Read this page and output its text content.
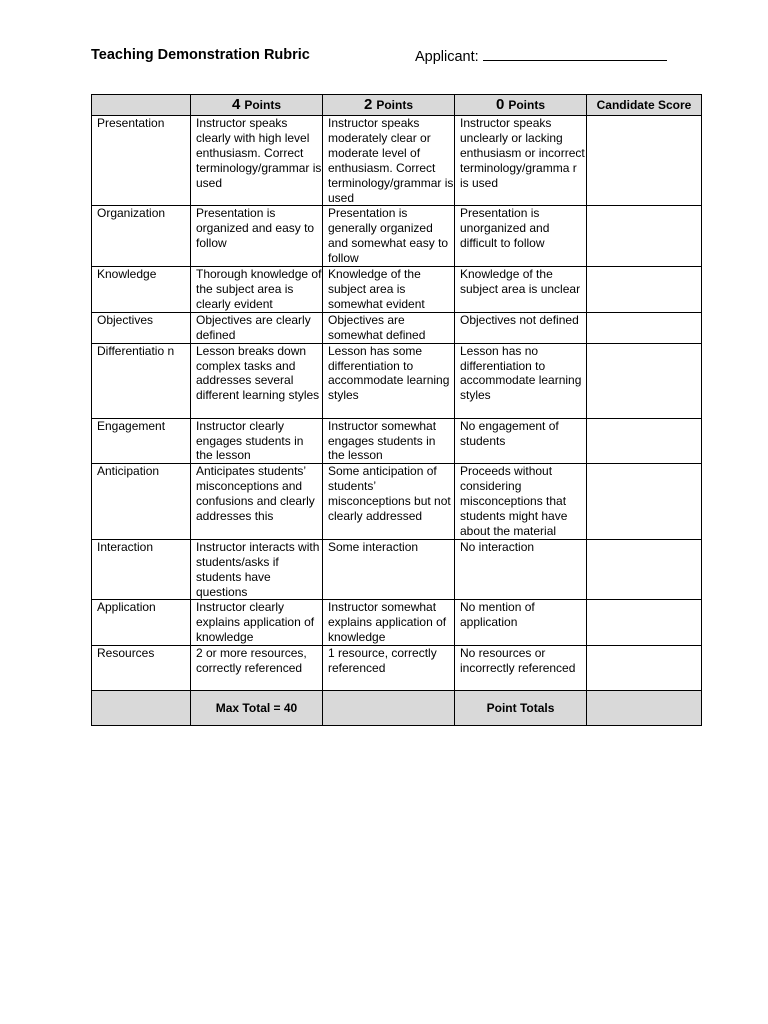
Teaching Demonstration Rubric	Applicant:
	4 Points	2 Points	0 Points	Candidate Score
Presentation	Instructor speaks clearly with high level enthusiasm. Correct terminology/grammar is used	Instructor speaks moderately clear or moderate level of enthusiasm. Correct terminology/grammar is used	Instructor speaks unclearly or lacking enthusiasm or incorrect terminology/gramma r is used	
Organization	Presentation is organized and easy to follow	Presentation is generally organized and somewhat easy to follow	Presentation is unorganized and difficult to follow	
Knowledge	Thorough knowledge of the subject area is clearly evident	Knowledge of the subject area is somewhat evident	Knowledge of the subject area is unclear	
Objectives	Objectives are clearly defined	Objectives are somewhat defined	Objectives not defined	
Differentiatio n	Lesson breaks down complex tasks and addresses several different learning styles	Lesson has some differentiation to accommodate learning styles	Lesson has no differentiation to accommodate learning styles	
Engagement	Instructor clearly engages students in the lesson	Instructor somewhat engages students in the lesson	No engagement of students	
Anticipation	Anticipates students’ misconceptions and confusions and clearly addresses this	Some anticipation of students’ misconceptions but not clearly addressed	Proceeds without considering misconceptions that students might have about the material	
Interaction	Instructor interacts with students/asks if students have questions	Some interaction	No interaction	
Application	Instructor clearly explains application of knowledge	Instructor somewhat explains application of knowledge	No mention of application	
Resources	2 or more resources, correctly referenced	1 resource, correctly referenced	No resources or incorrectly referenced	
	Max Total = 40		Point Totals	
